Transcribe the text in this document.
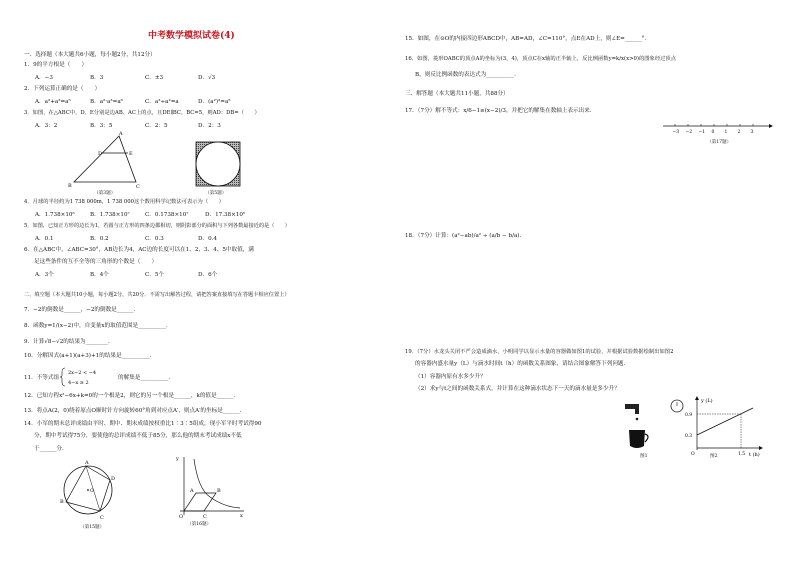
中考数学模拟试卷(4)
一、选择题（本大题共6小题，每小题2分，共12分）
1．9的平方根是（　　）
A．−3	B．3	C．±3	D．√3
2．下列运算正确的是（　　）
A．a²+a³=a⁵	B．a²·a³=a⁶	C．a³÷a²=a	D．(a²)³=a⁵
3．如图，在△ABC中，D、E分别是边AB、AC上的点，且DE∥BC，BC=5，则AD：DB=（　　）
A．3：2	B．3：5	C．2：5	D．2：3
A
D	E
B	C
（第3题）	（第5题）
4．月球的半径约为1 738 000m，1 738 000这个数用科学记数法可表示为（　　）
A．1.738×10⁶	B．1.738×10⁷	C．0.1738×10⁷	D．17.38×10⁵
5．如图，已知正方形的边长为1，若圆与正方形的四条边都相切，则阴影部分的面积与下列各数最接近的是（　　）
A．0.1	B．0.2	C．0.3	D．0.4
6．在△ABC中，∠ABC=30°，AB边长为4，AC边的长度可以在1、2、3、4、5中取值，满
足这些条件的互不全等的三角形的个数是（　　）
A．3个	B．4个	C．5个	D．6个
二、填空题（本大题共10小题，每小题2分，共20分．不需写出解答过程，请把答案直接填写在答题卡相应位置上）
7．−2的倒数是______，−2的倒数是______．
8．函数y=1/(x−2)中，自变量x的取值范围是__________．
9．计算√8−√2的结果为________．
10．分解因式(a+1)(a+3)+1的结果是__________．
11．不等式组
2x−2 < −4
4−x ≥ 2
的解集是__________．
12．已知方程x²−6x+k=0的一个根是2，则它的另一个根是______，k的值是______．
13．将点A(2，0)绕着原点O顺时针方向旋转60°角到对应点A′，则点A′的坐标是______．
14．小军的期末总评成绩由平时、期中、期末成绩按权重比1∶3∶5组成，现小军平时考试得90
分，期中考试得75分，要使他的总评成绩不低于85分，那么他的期末考试成绩x不低
于______分．
A
O
D
B
C
（第15题）
y
x
A	B
O	C
（第16题）
15．如图，在⊙O的内接四边形ABCD中，AB=AD，∠C=110°，点E在AD上，则∠E=______°．
16．如图，菱形OABC的顶点A的坐标为(3，4)，顶点C在x轴的正半轴上，反比例函数y=k/x(x>0)的图象经过顶点
B，则反比例函数的表达式为__________．
三、解答题（本大题共11小题，共88分）
17．（7分）解不等式：x/6−1≥(x−2)/3，并把它的解集在数轴上表示出来．
−3 −2 −1 0 1 2 3
（第17题）
18．（7分）计算：(a²−ab)/a² ÷ (a/b − b/a)．
19．（7分）水龙头关闭不严会造成滴水，小明同学以显示水量的容器做如图1的试验，并根据试验数据绘制出如图2
的容器内盛水量y（L）与滴水时间t（h）的函数关系图象，请结合图象解答下列问题．
（1）容器内原有水多少升？
（2）求y与t之间的函数关系式，并计算在这种滴水状态下一天的滴水量是多少升？
图1
y (L)
0.9
0.3
O	1.5 t (h)
图2
